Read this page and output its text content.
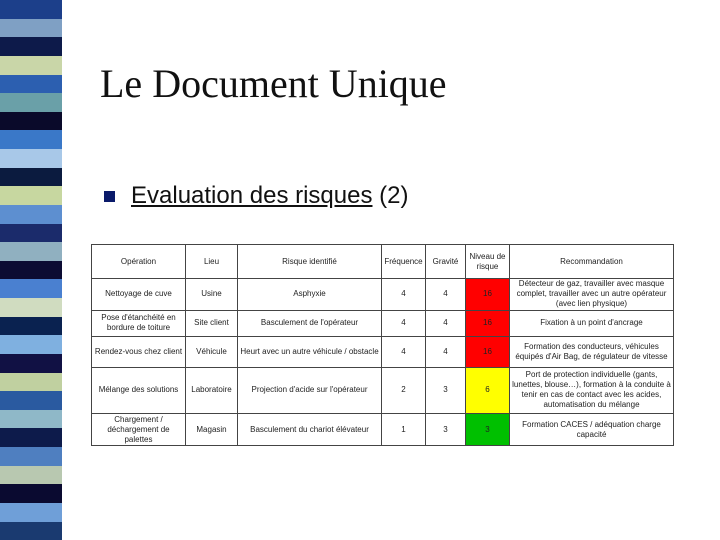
Le Document Unique
Evaluation des risques (2)
Opération	Lieu	Risque identifié	Fréquence	Gravité	Niveau de risque	Recommandation
Nettoyage de cuve	Usine	Asphyxie	4	4	16	Détecteur de gaz, travailler avec masque complet, travailler avec un autre opérateur (avec lien physique)
Pose d'étanchéité en bordure de toiture	Site client	Basculement de l'opérateur	4	4	16	Fixation à un point d'ancrage
Rendez-vous chez client	Véhicule	Heurt avec un autre véhicule / obstacle	4	4	16	Formation des conducteurs, véhicules équipés d'Air Bag, de régulateur de vitesse
Mélange des solutions	Laboratoire	Projection d'acide sur l'opérateur	2	3	6	Port de protection individuelle (gants, lunettes, blouse…), formation à la conduite à tenir en cas de contact avec les acides, automatisation du mélange
Chargement / déchargement de palettes	Magasin	Basculement du chariot élévateur	1	3	3	Formation CACES / adéquation charge capacité
